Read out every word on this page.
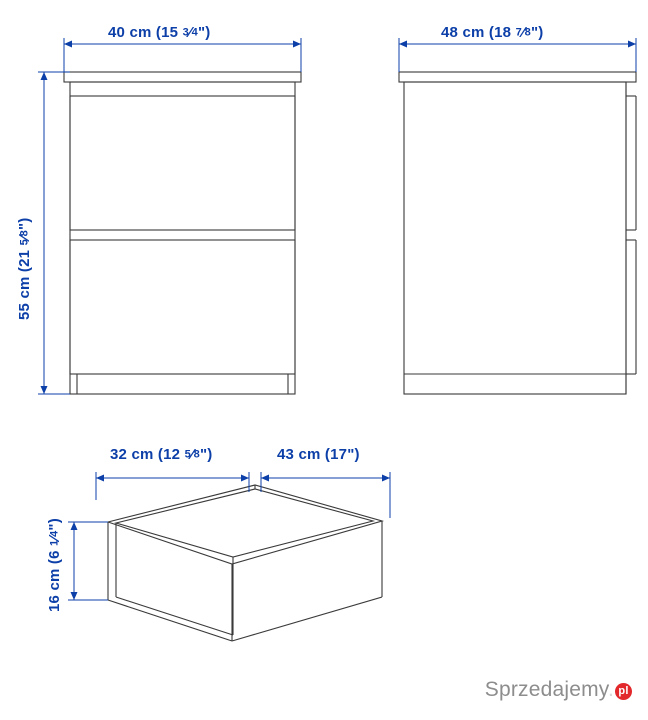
40 cm (15 3⁄4")
55 cm (21 5⁄8")
48 cm (18 7⁄8")
32 cm (12 5⁄8")	43 cm (17")
16 cm (6 1⁄4")
Sprzedajemy. pl
